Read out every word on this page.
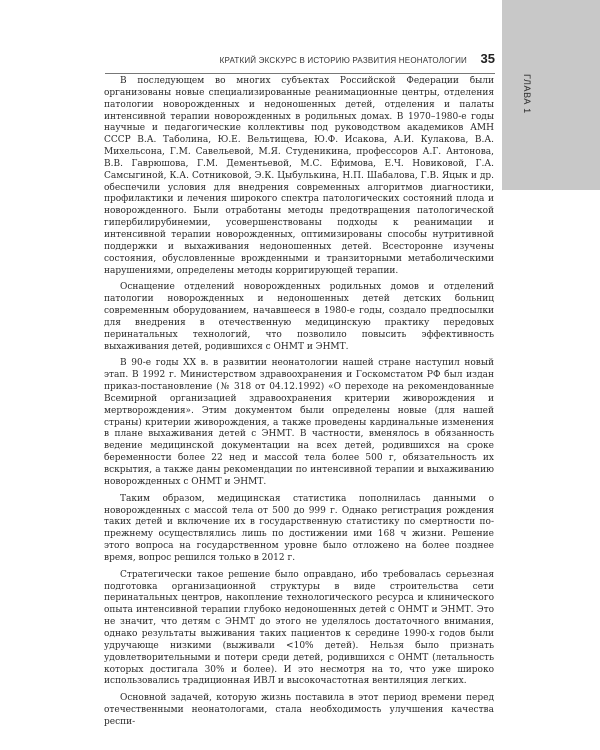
ГЛАВА 1
КРАТКИЙ ЭКСКУРС В ИСТОРИЮ РАЗВИТИЯ НЕОНАТОЛОГИИ 35

В последующем во многих субъектах Российской Федерации были организованы новые специализированные реанимационные центры, отделения патологии новорожденных и недоношенных детей, отделения и палаты интенсивной терапии новорожденных в родильных домах. В 1970–1980-е годы научные и педагогические коллективы под руководством академиков АМН СССР В.А. Таболина, Ю.Е. Вельтищева, Ю.Ф. Исакова, А.И. Кулакова, В.А. Михельсона, Г.М. Савельевой, М.Я. Студеникина, профессоров А.Г. Антонова, В.В. Гаврюшова, Г.М. Дементьевой, М.С. Ефимова, Е.Ч. Новиковой, Г.А. Самсыгиной, К.А. Сотниковой, Э.К. Цыбулькина, Н.П. Шабалова, Г.В. Яцык и др. обеспечили условия для внедрения современных алгоритмов диагностики, профилактики и лечения широкого спектра патологических состояний плода и новорожденного. Были отработаны методы предотвращения патологической гипербилирубинемии, усовершенствованы подходы к реанимации и интенсивной терапии новорожденных, оптимизированы способы нутритивной поддержки и выхаживания недоношенных детей. Всесторонне изучены состояния, обусловленные врожденными и транзиторными метаболическими нарушениями, определены методы корригирующей терапии.

Оснащение отделений новорожденных родильных домов и отделений патологии новорожденных и недоношенных детей детских больниц современным оборудованием, начавшееся в 1980-е годы, создало предпосылки для внедрения в отечественную медицинскую практику передовых перинатальных технологий, что позволило повысить эффективность выхаживания детей, родившихся с ОНМТ и ЭНМТ.

В 90-е годы XX в. в развитии неонатологии нашей стране наступил новый этап. В 1992 г. Министерством здравоохранения и Госкомстатом РФ был издан приказ-постановление (№ 318 от 04.12.1992) «О переходе на рекомендованные Всемирной организацией здравоохранения критерии живорождения и мертворождения». Этим документом были определены новые (для нашей страны) критерии живорождения, а также проведены кардинальные изменения в плане выхаживания детей с ЭНМТ. В частности, вменялось в обязанность ведение медицинской документации на всех детей, родившихся на сроке беременности более 22 нед и массой тела более 500 г, обязательность их вскрытия, а также даны рекомендации по интенсивной терапии и выхаживанию новорожденных с ОНМТ и ЭНМТ.

Таким образом, медицинская статистика пополнилась данными о новорожденных с массой тела от 500 до 999 г. Однако регистрация рождения таких детей и включение их в государственную статистику по смертности по-прежнему осуществлялись лишь по достижении ими 168 ч жизни. Решение этого вопроса на государственном уровне было отложено на более позднее время, вопрос решился только в 2012 г.

Стратегически такое решение было оправдано, ибо требовалась серьезная подготовка организационной структуры в виде строительства сети перинатальных центров, накопление технологического ресурса и клинического опыта интенсивной терапии глубоко недоношенных детей с ОНМТ и ЭНМТ. Это не значит, что детям с ЭНМТ до этого не уделялось достаточного внимания, однако результаты выживания таких пациентов к середине 1990-х годов были удручающе низкими (выживали <10% детей). Нельзя было признать удовлетворительными и потери среди детей, родившихся с ОНМТ (летальность которых достигала 30% и более). И это несмотря на то, что уже широко использовались традиционная ИВЛ и высокочастотная вентиляция легких.

Основной задачей, которую жизнь поставила в этот период времени перед отечественными неонатологами, стала необходимость улучшения качества респи-
